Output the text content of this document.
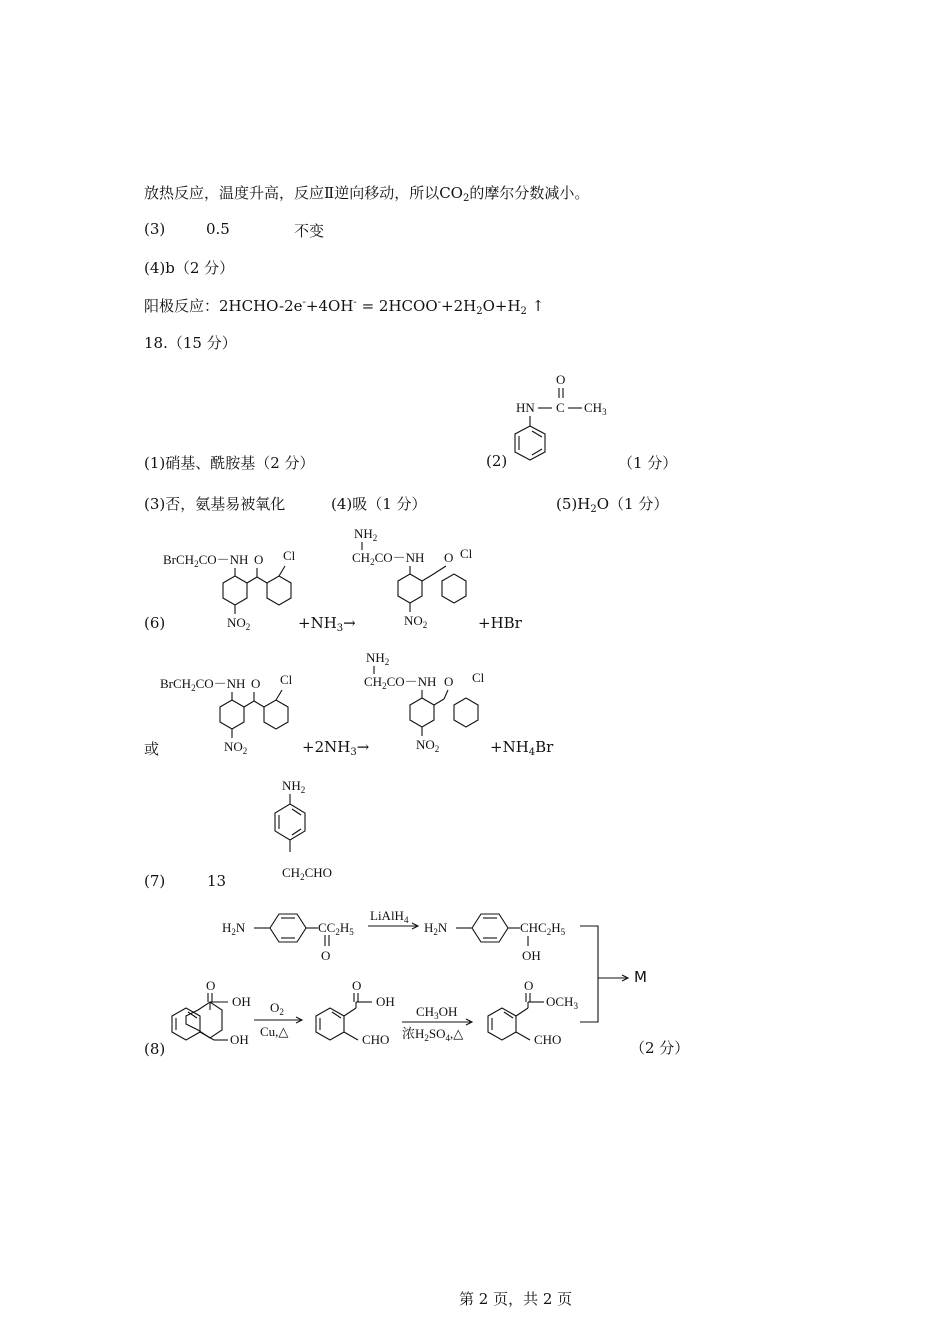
放热反应，温度升高，反应Ⅱ逆向移动，所以$CO_2$的摩尔分数减小。
(3)	0.5	不变
(4)b（2 分）
阳极反应：2HCHO-2e-+4OH- = $2HCOO^-+2H_2O+H_2$ ↑
18.（15 分）
O
HN C $CH_3$
(1)硝基、酰胺基（2 分）	(2)	（1 分）
(3)否，氨基易被氧化	(4)吸（1 分）	$(5)H_2O(1$ 分）
BrCH$_2$CO－NH O Cl
$NO_2$	$+NH_3\to$
$NH_2$
$CH_2CO-NH$ O Cl
$NO_2$
(6)	+HBr
BrCH$_2$CO－NH O Cl
$NO_2$
或	$+2NH_3\to$
$NH_2$
$CH_2CO-NH$ O Cl
$NO_2$	$+NH_4Br$
$NH_2$
$CH_2CHO$
(7)	13
$H_2N$	$CC_2H_5$
O
LiAlH$_4$ $H_2N$	$CHC_2H_5$
OH
M
O
OH
OH
$O_2$
Cu,△
O
OH
CHO
$CH_3OH$
浓$H_2SO_4,\triangle$
O
$OCH_3$
CHO
(8)	（2 分）
第 2 页，共 2 页
